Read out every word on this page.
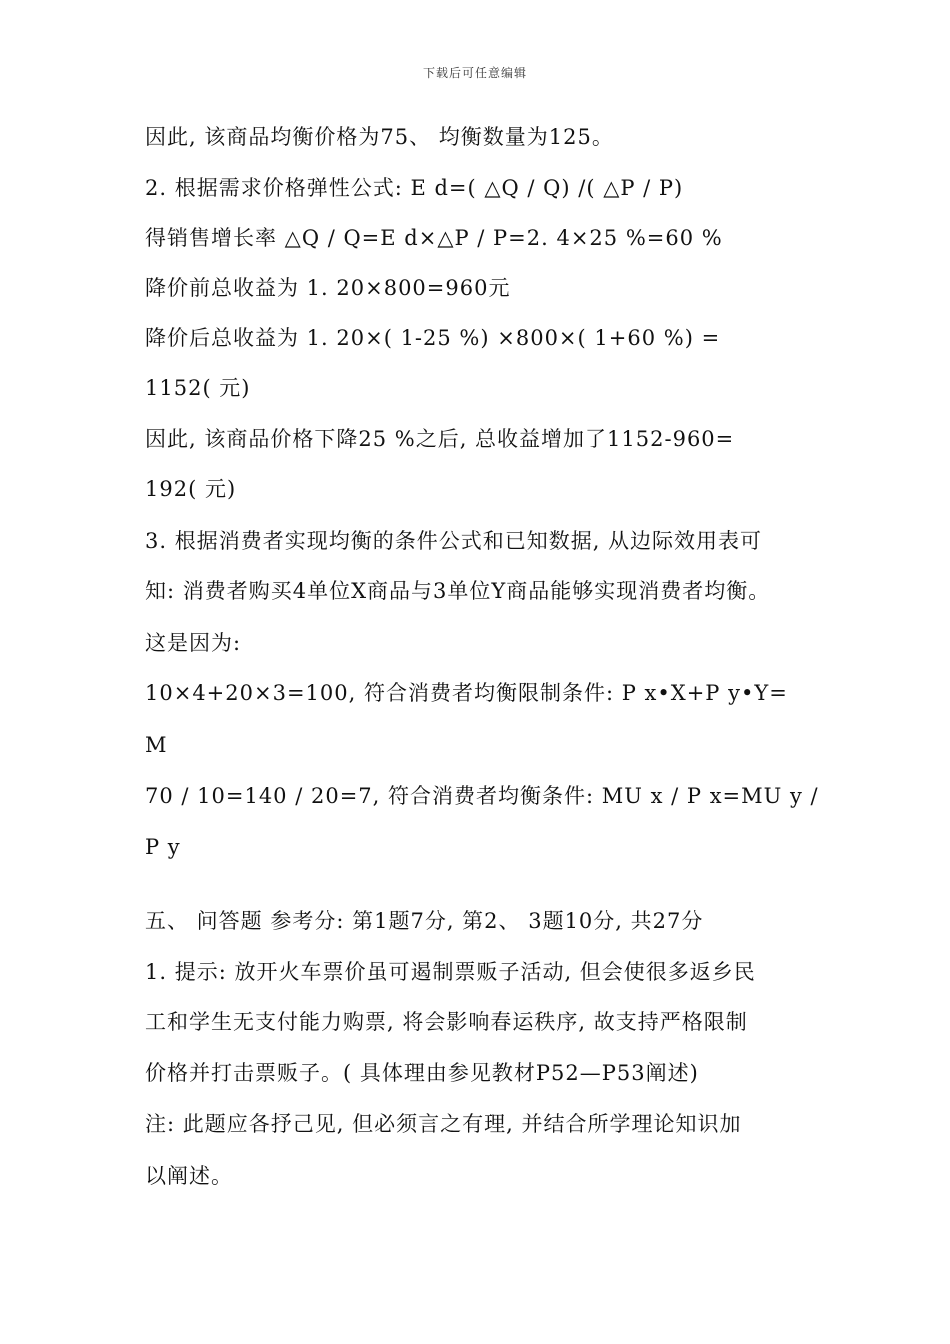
下载后可任意编辑
因此, 该商品均衡价格为75、 均衡数量为125。
2. 根据需求价格弹性公式: E d=( △Q / Q) /( △P / P)
得销售增长率 △Q / Q=E d×△P / P=2. 4×25 %=60 %
降价前总收益为 1. 20×800=960元
降价后总收益为 1. 20×( 1-25 %) ×800×( 1+60 %) =
1152( 元)
因此, 该商品价格下降25 %之后, 总收益增加了1152-960=
192( 元)
3. 根据消费者实现均衡的条件公式和已知数据, 从边际效用表可
知: 消费者购买4单位X商品与3单位Y商品能够实现消费者均衡。
这是因为:
10×4+20×3=100, 符合消费者均衡限制条件: P x•X+P y•Y=
M
70 / 10=140 / 20=7, 符合消费者均衡条件: MU x / P x=MU y /
P y
五、 问答题 参考分: 第1题7分, 第2、 3题10分, 共27分
1. 提示: 放开火车票价虽可遏制票贩子活动, 但会使很多返乡民
工和学生无支付能力购票, 将会影响春运秩序, 故支持严格限制
价格并打击票贩子。( 具体理由参见教材P52—P53阐述)
注: 此题应各抒己见, 但必须言之有理, 并结合所学理论知识加
以阐述。
